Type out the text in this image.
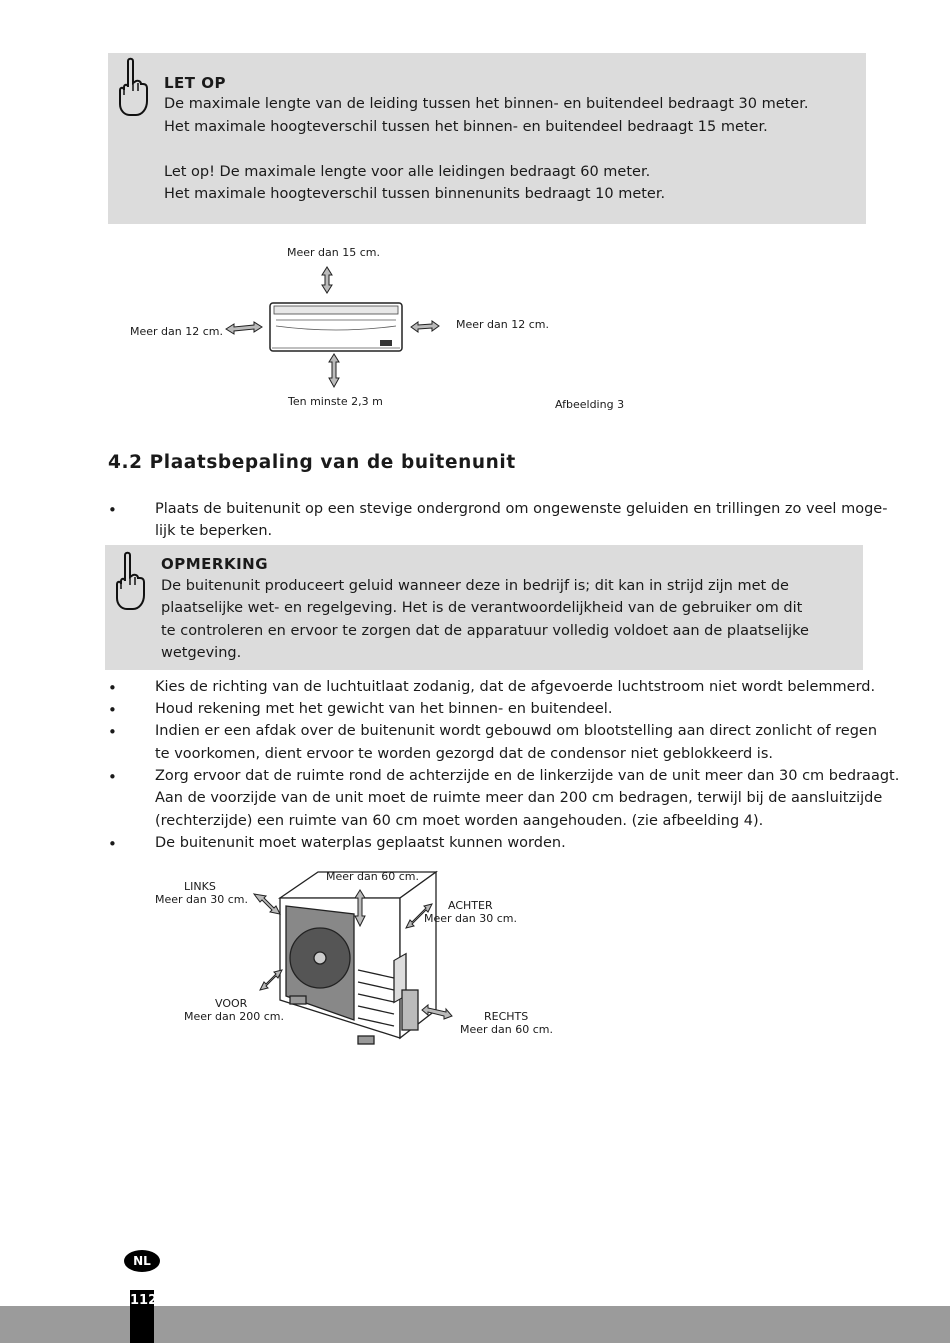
LET OP
De maximale lengte van de leiding tussen het binnen- en buitendeel bedraagt 30 meter.
Het maximale hoogteverschil tussen het binnen- en buitendeel bedraagt 15 meter.
Let op! De maximale lengte voor alle leidingen bedraagt 60 meter.
Het maximale hoogteverschil tussen binnenunits bedraagt 10 meter.
Meer dan 15 cm.
Meer dan 12 cm.
Meer dan 12 cm.
Ten minste 2,3 m	Afbeelding 3
4.2 Plaatsbepaling van de buitenunit
•	Plaats de buitenunit op een stevige ondergrond om ongewenste geluiden en trillingen zo veel moge-
lijk te beperken.
OPMERKING
De buitenunit produceert geluid wanneer deze in bedrijf is; dit kan in strijd zijn met de
plaatselijke wet- en regelgeving. Het is de verantwoordelijkheid van de gebruiker om dit
te controleren en ervoor te zorgen dat de apparatuur volledig voldoet aan de plaatselijke
wetgeving.
•	Kies de richting van de luchtuitlaat zodanig, dat de afgevoerde luchtstroom niet wordt belemmerd.
•	Houd rekening met het gewicht van het binnen- en buitendeel.
•	Indien er een afdak over de buitenunit wordt gebouwd om blootstelling aan direct zonlicht of regen
te voorkomen, dient ervoor te worden gezorgd dat de condensor niet geblokkeerd is.
•	Zorg ervoor dat de ruimte rond de achterzijde en de linkerzijde van de unit meer dan 30 cm bedraagt.
Aan de voorzijde van de unit moet de ruimte meer dan 200 cm bedragen, terwijl bij de aansluitzijde
(rechterzijde) een ruimte van 60 cm moet worden aangehouden. (zie afbeelding 4).
•	De buitenunit moet waterplas geplaatst kunnen worden.
LINKS
Meer dan 30 cm.
Meer dan 60 cm.
ACHTER
Meer dan 30 cm.
VOOR
Meer dan 200 cm.	RECHTS
Meer dan 60 cm.
NL
112
